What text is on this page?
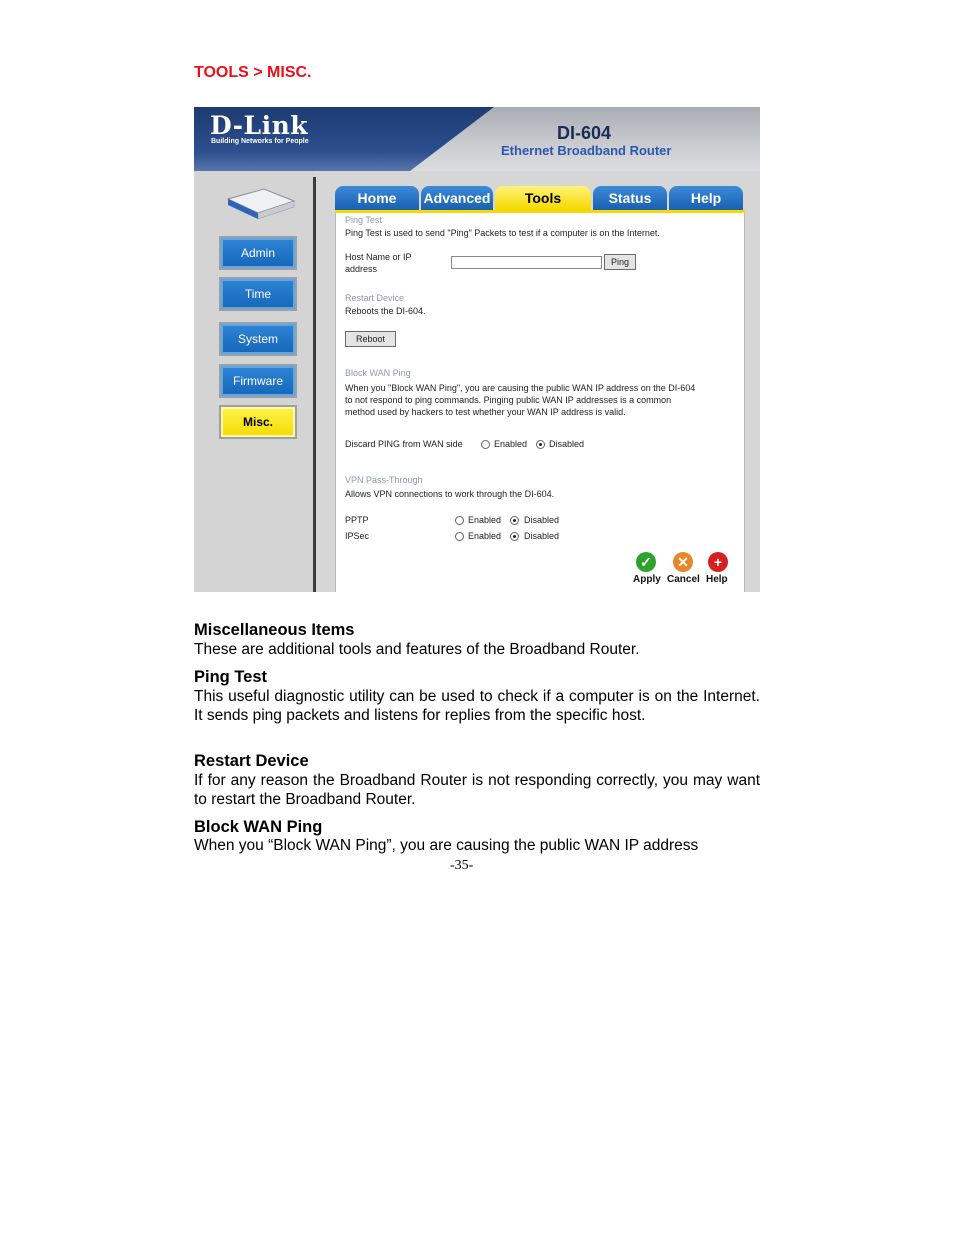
TOOLS > MISC.
D-Link
Building Networks for People	DI-604
Ethernet Broadband Router
Admin
Time
System
Firmware
Misc.
Home	Advanced	Tools	Status	Help
Ping Test
Ping Test is used to send "Ping" Packets to test if a computer is on the Internet.
Host Name or IP
address
Ping
Restart Device
Reboots the DI-604.
Reboot
Block WAN Ping
When you "Block WAN Ping", you are causing the public WAN IP address on the DI-604
to not respond to ping commands. Pinging public WAN IP addresses is a common
method used by hackers to test whether your WAN IP address is valid.
Discard PING from WAN side	Enabled Disabled
VPN Pass-Through
Allows VPN connections to work through the DI-604.
PPTP	Enabled	Disabled
IPSec	Enabled	Disabled
✓
Apply
✕
Cancel
+
Help
Miscellaneous Items
These are additional tools and features of the Broadband Router.
Ping Test
This useful diagnostic utility can be used to check if a computer is on the Internet. It sends ping packets and listens for replies from the specific host.
Restart Device
If for any reason the Broadband Router is not responding correctly, you may want to restart the Broadband Router.
Block WAN Ping
When you “Block WAN Ping”, you are causing the public WAN IP address
-35-
